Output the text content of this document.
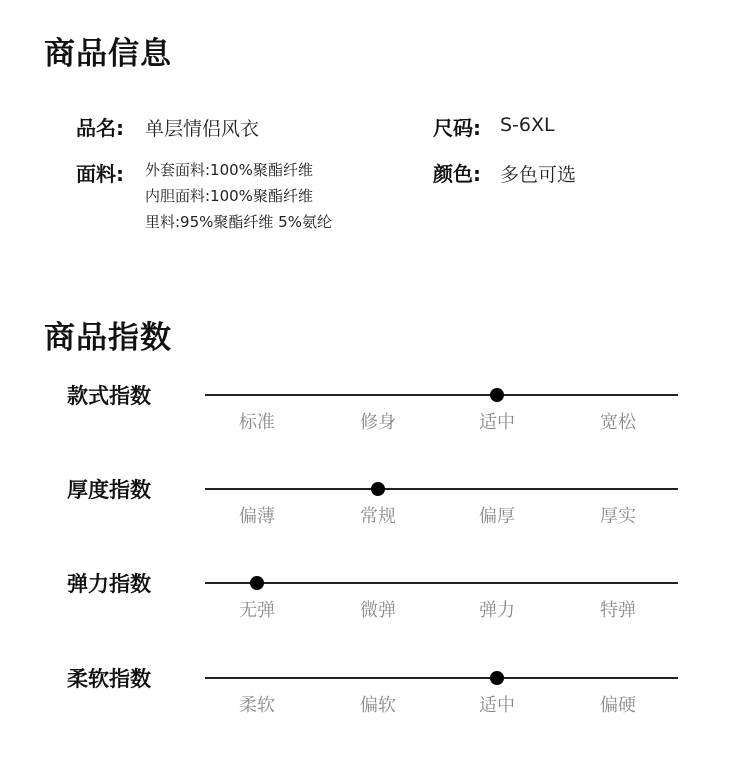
商品信息
品名: 单层情侣风衣	尺码: S-6XL
面料: 外套面料:100%聚酯纤维
内胆面料:100%聚酯纤维
里料:95%聚酯纤维 5%氨纶
颜色: 多色可选
商品指数
款式指数
标准	修身	适中	宽松
厚度指数
偏薄	常规	偏厚	厚实
弹力指数
无弹	微弹	弹力	特弹
柔软指数
柔软	偏软	适中	偏硬
